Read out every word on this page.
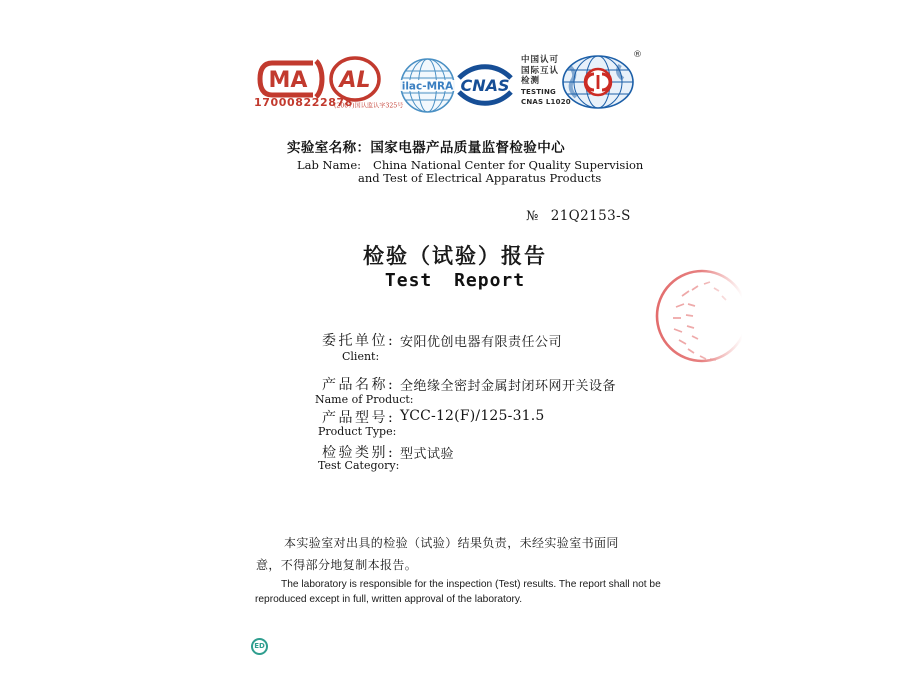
MA
170008222878
(2007)国认监认字325号
AL	ilac-MRA CNAS
中国认可
国际互认
检测
TESTING
CNAS L1020
®
实验室名称：国家电器产品质量监督检验中心
Lab Name: China National Center for Quality Supervision
and Test of Electrical Apparatus Products
№ 21Q2153-S
检验（试验）报告
Test Report
委托单位: 安阳优创电器有限责任公司
Client:
产品名称: 全绝缘全密封金属封闭环网开关设备
Name of Product:
产品型号: YCC-12(F)/125-31.5
Product Type:
检验类别: 型式试验
Test Category:
本实验室对出具的检验（试验）结果负责，未经实验室书面同意，不得部分地复制本报告。
The laboratory is responsible for the inspection (Test) results. The report shall not be reproduced except in full, written approval of the laboratory.
ED
